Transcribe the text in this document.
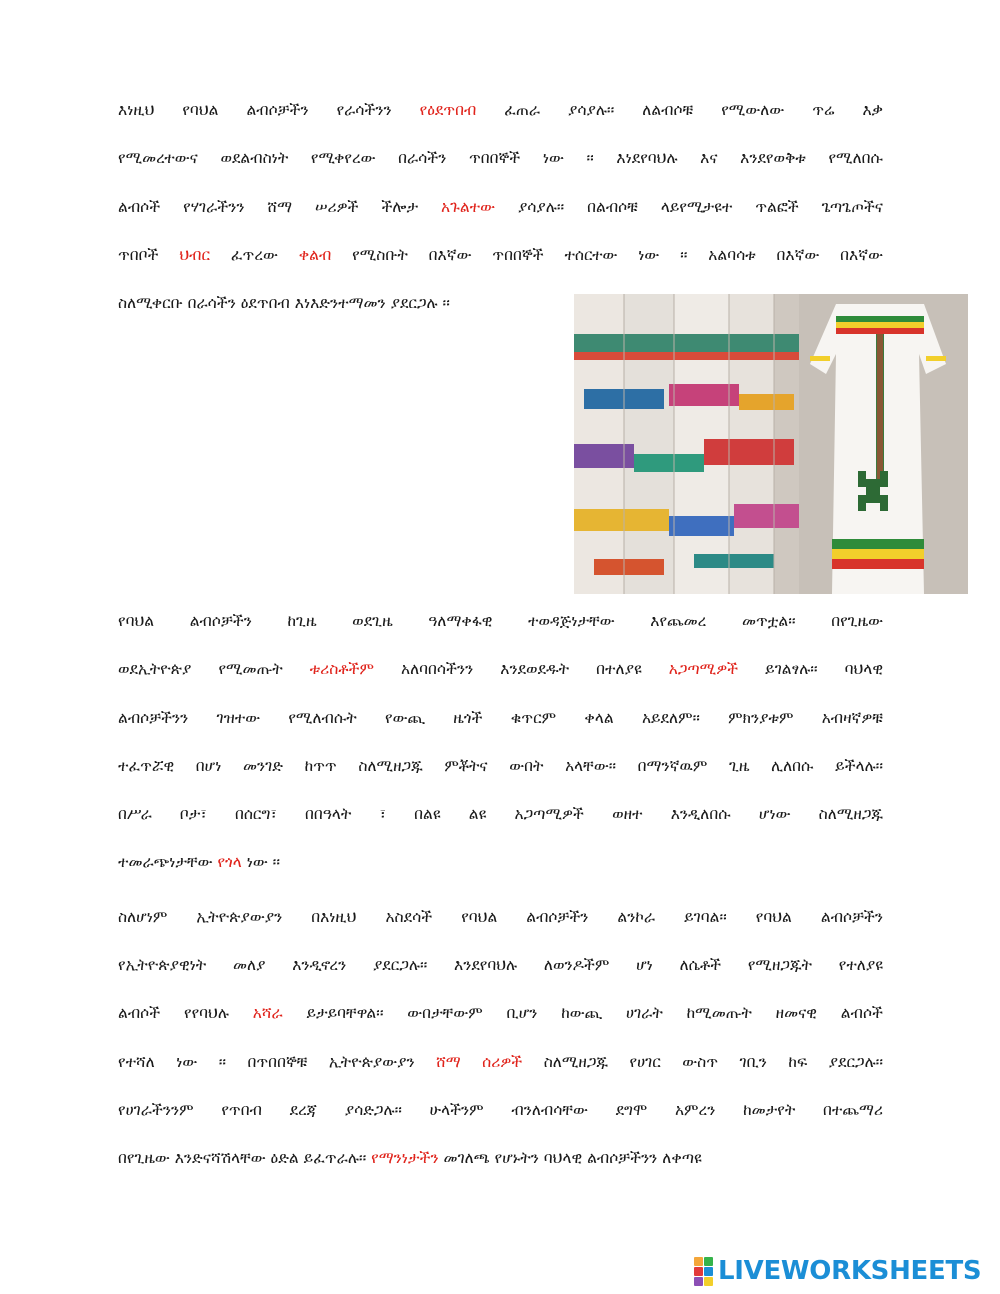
እነዚህ የባህል ልብሶቻችን የራሳችንን የዕደጥበብ ፈጠራ ያሳያሉ፡፡ ለልብሶቹ የሚውለው ጥሬ እቃ
የሚመረተውና ወደልብስነት የሚቀየረው በራሳችን ጥበበኞች ነው ፡፡ እነደየባህሉ እና እንደየወቅቱ የሚለበሱ
ልብሶች የሃገራችንን ሸማ ሠሪዎች ችሎታ አጉልተው ያሳያሉ፡፡ በልብሶቹ ላይየሚታዩተ ጥልፎች ጌጣጌጦችና
ጥበቦች ህብር ፈጥረው ቀልብ የሚስቡት በእኛው ጥበበኞች ተሰርተው ነው ፡፡ አልባሳቱ በእኛው በእኛው
ስለሚቀርቡ በራሳችን ዕደጥበብ እነእድንተማመን ያደርጋሉ ፡፡
የባህል ልብሶቻችን ከጊዜ ወደጊዜ ዓለማቀፋዊ ተወዳጅነታቸው እየጨመረ መጥቷል፡፡ በየጊዜው
ወደኢትዮጵያ የሚመጡት ቱሪስቶችም አለባበሳችንን እንደወደዱት በተለያዩ አጋጣሚዎች ይገልፃሉ፡፡ ባህላዊ
ልብሶቻችንን ገዝተው የሚለብሱት የውጪ ዜጎች ቁጥርም ቀላል አይደለም፡፡ ምክንያቱም አብዛኛዎቹ
ተፈጥሯዊ በሆነ መንገድ ከጥጥ ስለሚዘጋጁ ምቾትና ውበት አላቸው፡፡ በማንኛዉም ጊዜ ሊለበሱ ይችላሉ፡፡
በሥራ ቦታ፣ በሰርግ፣ በበዓላት ፣ በልዩ ልዩ አጋጣሚዎች ወዘተ እንዲለበሱ ሆነው ስለሚዘጋጁ
ተመራጭነታቸው የጎላ ነው ፡፡
ስለሆነም ኢትዮጵያውያን በእነዚህ አስደሳች የባህል ልብሶቻችን ልንኮራ ይገባል፡፡ የባህል ልብሶቻችን
የኢትዮጵያዊነት መለያ እንዲኖረን ያደርጋሉ፡፡ እንደየባህሉ ለወንዶችም ሆነ ለሴቶች የሚዘጋጁት የተለያዩ
ልብሶች የየባህሉ አሻራ ይታይባቸዋል፡፡ ውበታቸውም ቢሆን ከውጪ ሀገራት ከሚመጡት ዘመናዊ ልብሶች
የተሻለ ነው ፡፡ በጥበበኞቹ ኢትዮጵያውያን ሸማ ሰሪዎች ስለሚዘጋጁ የሀገር ውስጥ ገቢን ከፍ ያደርጋሉ፡፡
የሀገራችንንም የጥበብ ደረጃ ያሳድጋሉ፡፡ ሁላችንም ብንለብሳቸው ደግሞ አምረን ከመታየት በተጨማሪ
በየጊዜው እንድናሻሽላቸው ዕድል ይፈጥራሉ፡፡ የማንነታችን መገለጫ የሆኑትን ባህላዊ ልብሶቻችንን ለቀጣዩ
LIVEWORKSHEETS
